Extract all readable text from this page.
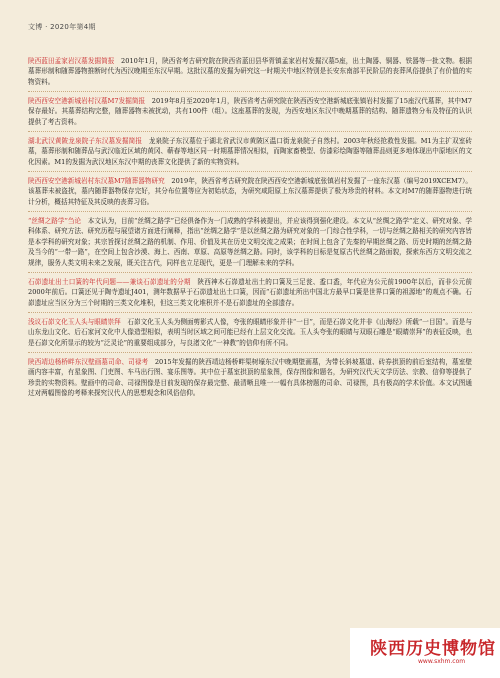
文博 · 2020年第4期
陕西蓝田孟家岩汉墓发掘简报　2010年1月，陕西省考古研究院在陕西省蓝田县华胥镇孟家岩村发掘汉墓5座，出土陶器、铜器、铁器等一批文物。根据墓葬形制和随葬器物推断时代为西汉晚期至东汉早期。这批汉墓的发掘为研究这一时期关中地区特别是长安东南部平民阶层的丧葬风俗提供了有价值的实物资料。
陕西西安空港新城岩村汉墓M7发掘简报　2019年8月至2020年1月，陕西省考古研究院在陕西西安空港新城底张镇岩村发掘了15座汉代墓葬，其中M7保存最好。其墓葬结构完整，随葬器物未被扰动，共有100件（组）。这座墓葬的发现，为西安地区东汉中晚期墓葬的结构、随葬遗物分布及特征的认识提供了考古资料。
湖北武汉黄陂龙泉院子东汉墓发掘简报　龙泉院子东汉墓位于湖北省武汉市黄陂区温口街龙泉院子自然村。2003年秋经抢救性发掘。M1为主扩双室砖墓，墓葬形制和随葬品与武汉临近区域的黄冈、蕲春等地区同一时期墓葬情况相似，而陶家畜模型、仿漆彩绘陶器等随葬品则更多地体现出中原地区的文化因素。M1的发掘为武汉地区东汉中期的丧葬文化提供了新的实物资料。
陕西西安空港新城岩村东汉墓M7随葬器物研究　2019年，陕西省考古研究院在陕西西安空港新城底张镇岩村发掘了一座东汉墓（编号2019XCEM7）。该墓葬未被盗扰，墓内随葬器物保存完好，其分布位置等应为初始状态，为研究咸阳原上东汉墓葬提供了极为珍贵的材料。本文对M7的随葬器物进行统计分析，概括其特征及其反映的丧葬习俗。
“丝绸之路学”刍论　本文认为，目前“丝绸之路学”已经俱备作为一门成熟的学科被提出，并应该得到强化建设。本文从“丝绸之路学”定义、研究对象、学科体系、研究方法、研究历程与展望诸方面进行阐释，指出“丝绸之路学”是以丝绸之路为研究对象的一门综合性学科，一切与丝绸之路相关的研究内容皆是本学科的研究对象；其宗旨探讨丝绸之路的机制、作用、价值及其在历史文明交流之成果；在时间上包含了先秦的早期丝绸之路、历史时期的丝绸之路及当今的“一带一路”，在空间上包含沙漠、海上、西南、草原、高原等丝绸之路。同时，该学科的目标是复原古代丝绸之路面貌，探索东西方文明交流之规律，服务人类文明未来之发展，既关注古代，同样也立足现代，更是一门理解未来的学科。
石峁遗址出土口簧的年代问题——兼谈石峁遗址的分期　陕西神木石峁遗址出土的口簧及三足瓮、盉口盉，年代应为公元前1900年以后，而非公元前2000年前后。口簧还见于陶寺遗址J401，测年数据早于石峁遗址出土口簧，因而“石峁遗址所出中国北方最早口簧是世界口簧的祖源地”的观点不确。石峁遗址应当区分为三个时期的三类文化堆积，但这三类文化堆积并不是石峁遗址的全部遗存。
浅议石峁文化玉人头与眼睛崇拜　石峁文化玉人头为侧面剪影式人像，夸张的眼睛形象并非“一目”，而是石峁文化并非《山海经》所载“一目国”。而是与山东龙山文化、后石家河文化中人像造型相似，表明当时区域之间可能已经有上层文化交流。玉人头夸张的眼睛与双眼石雕是“眼睛崇拜”的表征反映，也是石峁文化所显示的较为“泛灵论”的重要组成部分，与良渚文化“一神教”的信仰有所不同。
陕西靖边杨桥畔东汉壁画墓司命、司禄考　2015年发掘的陕西靖边杨桥畔渠树壕东汉中晚期壁画墓，为带长斜坡墓道、砖券拱顶的前后室结构，墓室壁画内容丰富，有星象图、门吏图、车马出行图、宴乐图等。其中位于墓室拱顶的星象图，保存图像和题名，为研究汉代天文学历法、宗教、信仰等提供了珍贵的实物资料。壁画中的司命、司禄图像是目前发现的保存最完整、最清晰且唯一一幅有具体榜题的司命、司禄图，具有极高的学术价值。本文试图通过对两幅图像的考释来探究汉代人的思想观念和风俗信仰。
陕西历史博物馆
www.sxhm.com
